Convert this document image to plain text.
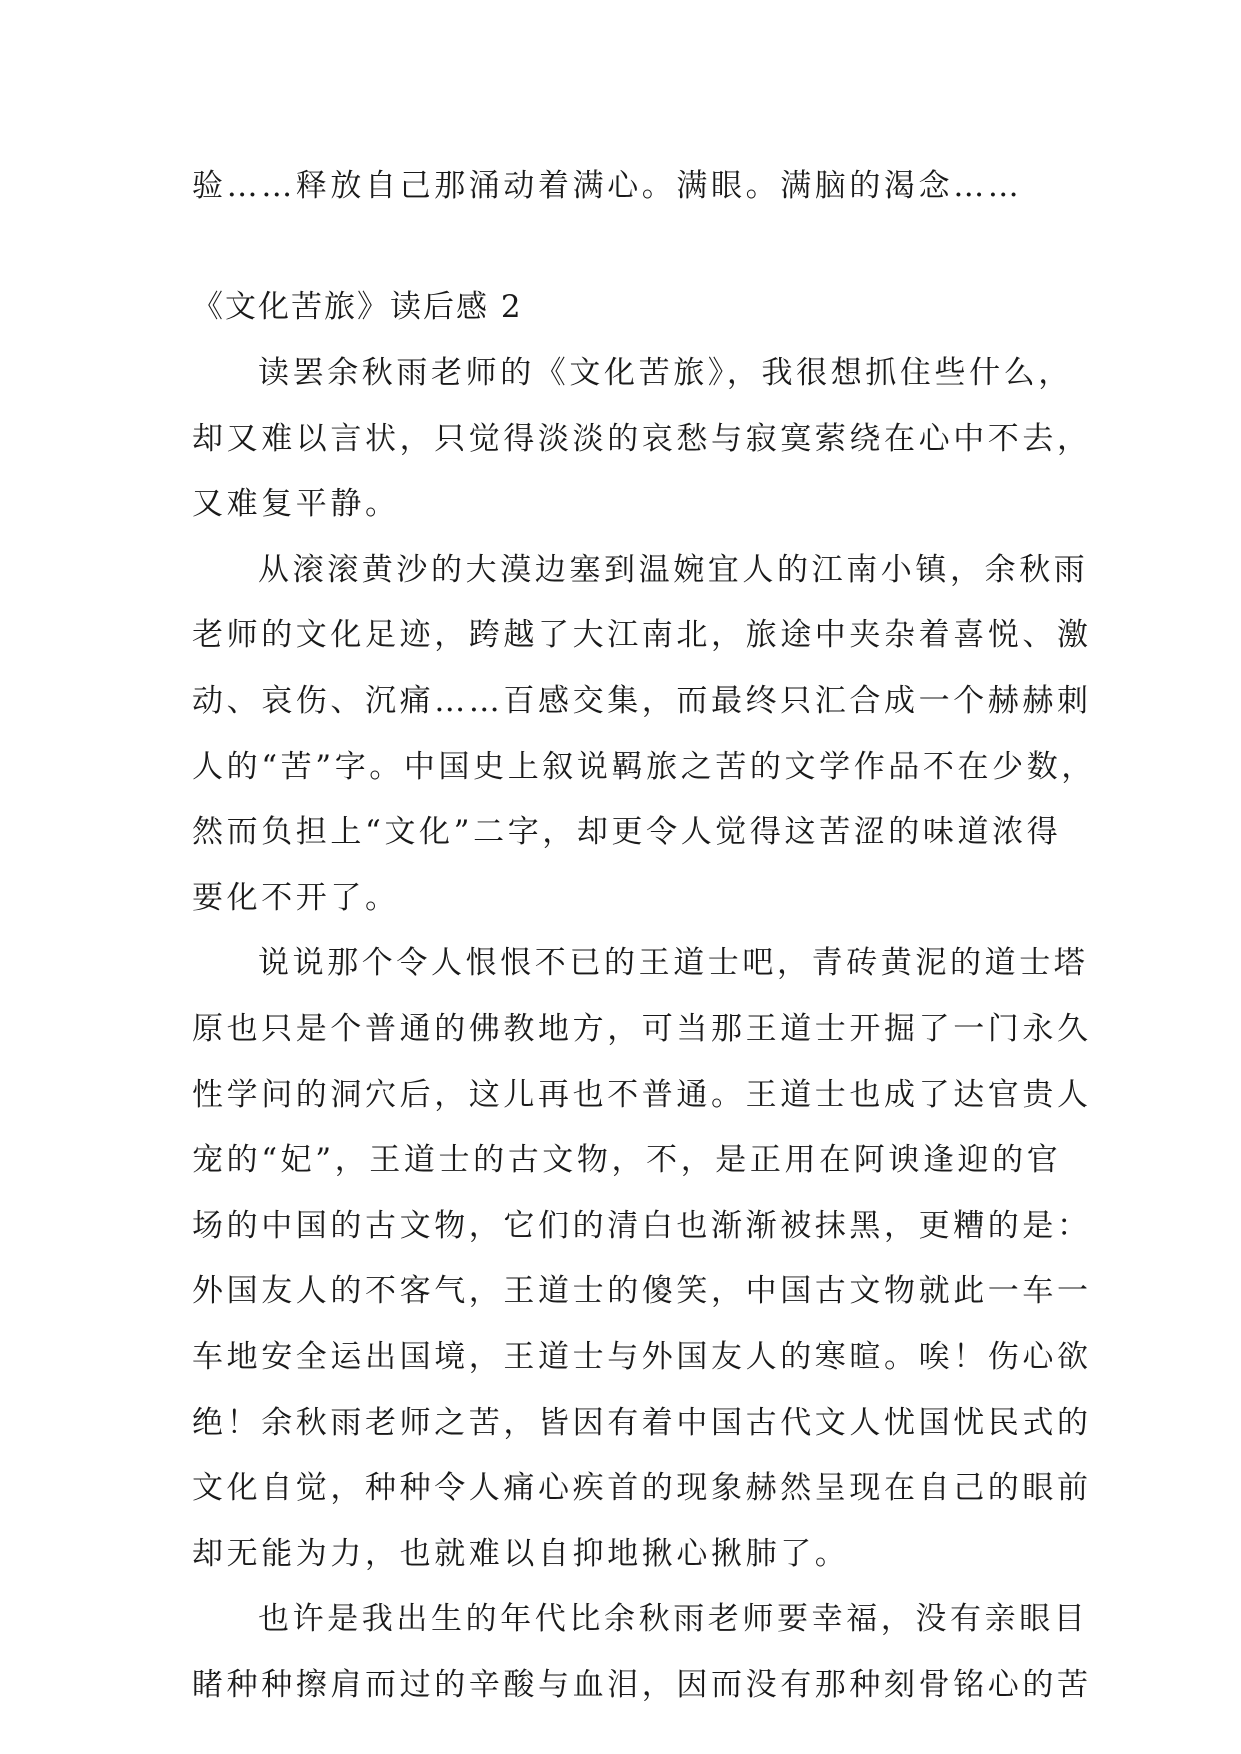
验……释放自己那涌动着满心。满眼。满脑的渴念……

《文化苦旅》读后感 2

读罢余秋雨老师的《文化苦旅》，我很想抓住些什么，

却又难以言状，只觉得淡淡的哀愁与寂寞萦绕在心中不去，

又难复平静。

从滚滚黄沙的大漠边塞到温婉宜人的江南小镇，余秋雨

老师的文化足迹，跨越了大江南北，旅途中夹杂着喜悦、激

动、哀伤、沉痛……百感交集，而最终只汇合成一个赫赫刺

人的“苦”字。中国史上叙说羁旅之苦的文学作品不在少数，

然而负担上“文化”二字，却更令人觉得这苦涩的味道浓得

要化不开了。

说说那个令人恨恨不已的王道士吧，青砖黄泥的道士塔

原也只是个普通的佛教地方，可当那王道士开掘了一门永久

性学问的洞穴后，这儿再也不普通。王道士也成了达官贵人

宠的“妃”，王道士的古文物，不，是正用在阿谀逢迎的官

场的中国的古文物，它们的清白也渐渐被抹黑，更糟的是：

外国友人的不客气，王道士的傻笑，中国古文物就此一车一

车地安全运出国境，王道士与外国友人的寒暄。唉！伤心欲

绝！余秋雨老师之苦，皆因有着中国古代文人忧国忧民式的

文化自觉，种种令人痛心疾首的现象赫然呈现在自己的眼前

却无能为力，也就难以自抑地揪心揪肺了。

也许是我出生的年代比余秋雨老师要幸福，没有亲眼目

睹种种擦肩而过的辛酸与血泪，因而没有那种刻骨铭心的苦
